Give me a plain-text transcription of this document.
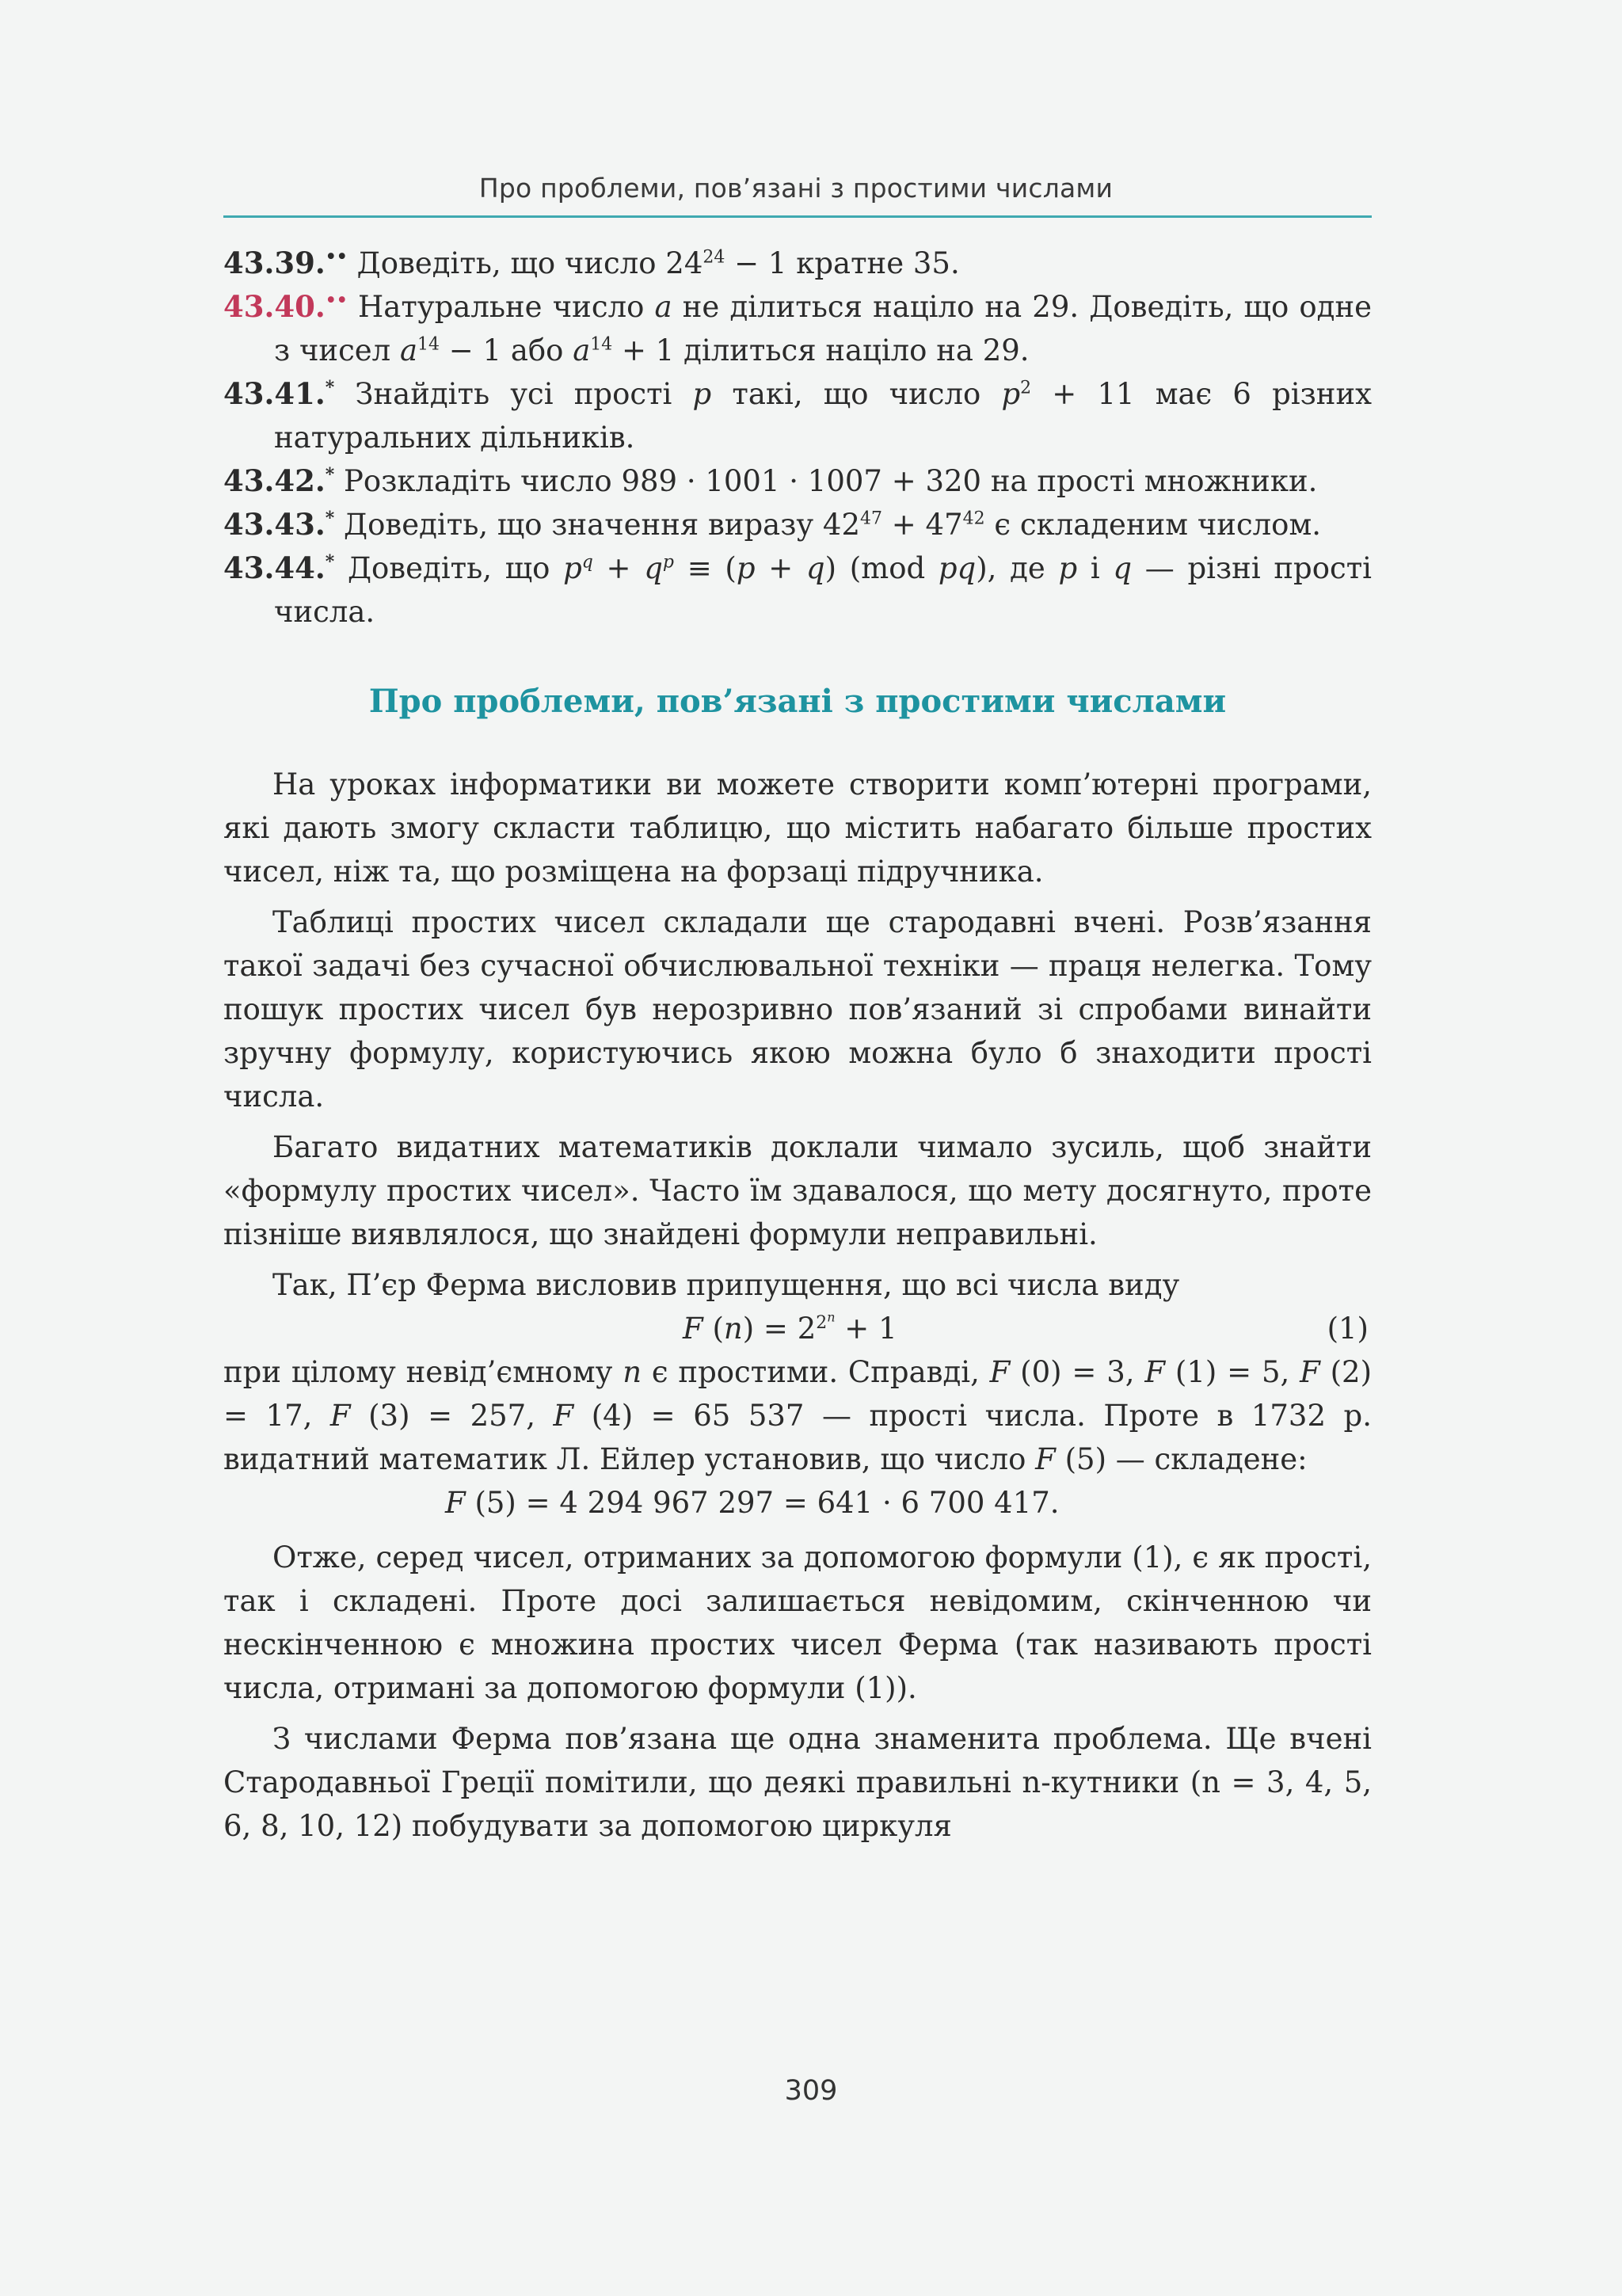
Про проблеми, пов’язані з простими числами

43.39.•• Доведіть, що число $24^{24} - 1$ кратне 35.

43.40.•• Натуральне число a не ділиться націло на 29. Доведіть, що одне з чисел $a^{14} - 1$ або $a^{14} + 1$ ділиться націло на 29.

43.41.* Знайдіть усі прості p такі, що число $p^2 + 11$ має 6 різних натуральних дільників.

43.42.* Розкладіть число 989 · 1001 · 1007 + 320 на прості множники.

43.43.* Доведіть, що значення виразу $42^{47} + 47^{42}$ є складеним числом.

43.44.* Доведіть, що $p^q + q^p \equiv (p + q)$ (mod pq), де p і q — різні прості числа.

Про проблеми, пов’язані з простими числами

На уроках інформатики ви можете створити комп’ютерні програми, які дають змогу скласти таблицю, що містить набагато більше простих чисел, ніж та, що розміщена на форзаці підручника.

Таблиці простих чисел складали ще стародавні вчені. Розв’язання такої задачі без сучасної обчислювальної техніки — праця нелегка. Тому пошук простих чисел був нерозривно пов’язаний зі спробами винайти зручну формулу, користуючись якою можна було б знаходити прості числа.

Багато видатних математиків доклали чимало зусиль, щоб знайти «формулу простих чисел». Часто їм здавалося, що мету досягнуто, проте пізніше виявлялося, що знайдені формули неправильні.

Так, П’єр Ферма висловив припущення, що всі числа виду

F $(n) = 2^{2^n} + 1$	(1)

при цілому невід’ємному n є простими. Справді, F (0) = 3, F (1) = 5, F (2) = 17, F (3) = 257, F (4) = 65 537 — прості числа. Проте в 1732 р. видатний математик Л. Ейлер установив, що число F (5) — складене:

F (5) = 4 294 967 297 = 641 · 6 700 417.

Отже, серед чисел, отриманих за допомогою формули (1), є як прості, так і складені. Проте досі залишається невідомим, скінченною чи нескінченною є множина простих чисел Ферма (так називають прості числа, отримані за допомогою формули (1)).

З числами Ферма пов’язана ще одна знаменита проблема. Ще вчені Стародавньої Греції помітили, що деякі правильні n-кутники (n = 3, 4, 5, 6, 8, 10, 12) побудувати за допомогою циркуля

309
